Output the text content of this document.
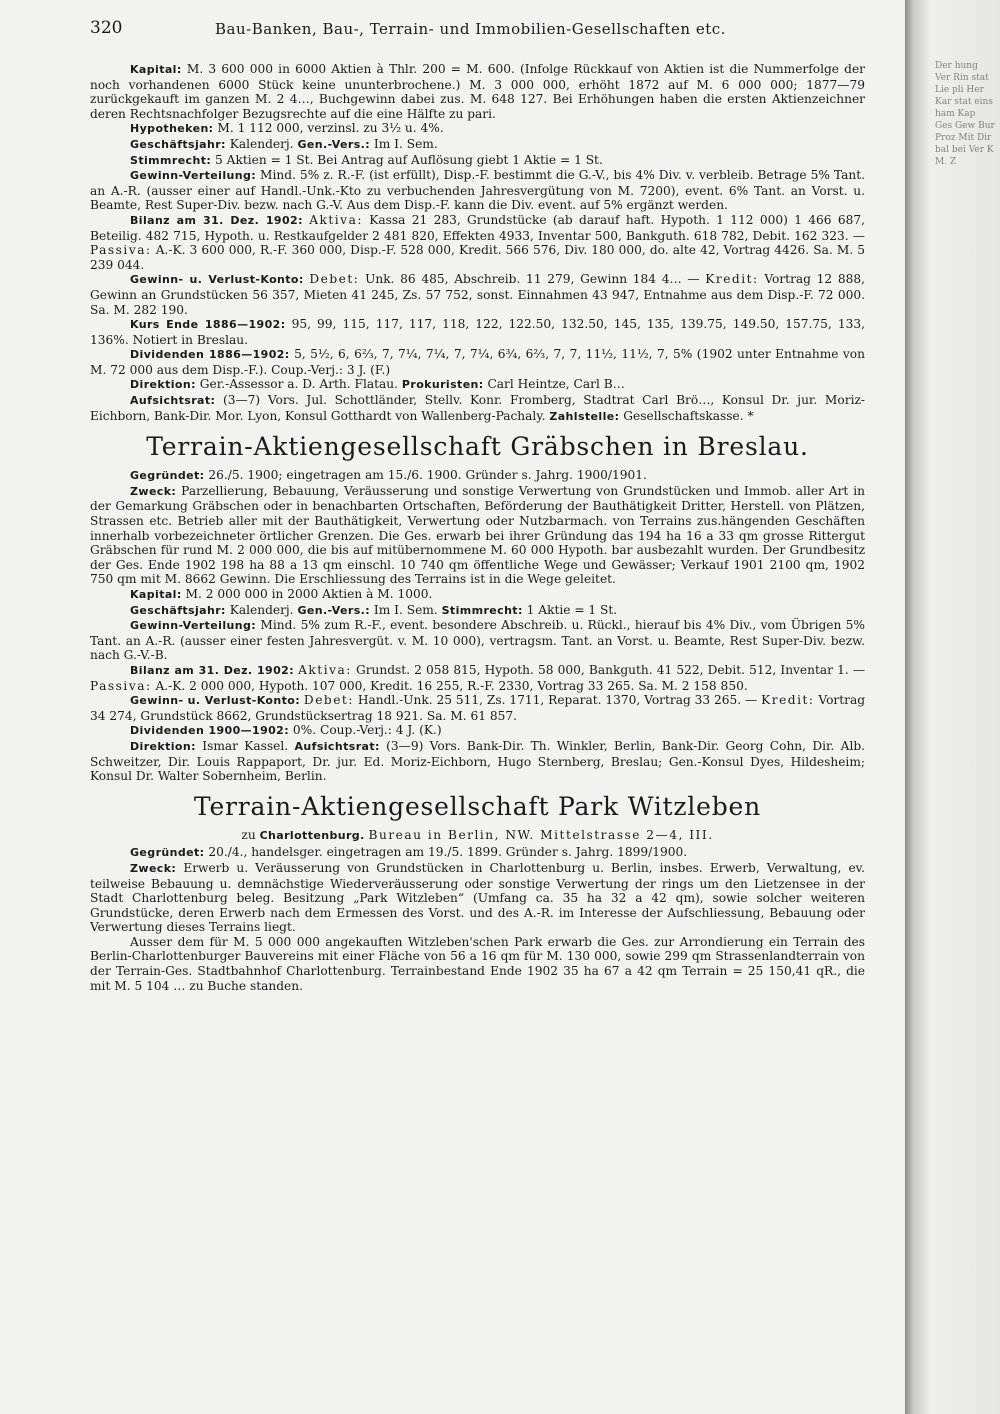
320	Bau-Banken, Bau-, Terrain- und Immobilien-Gesellschaften etc.

Kapital: M. 3 600 000 in 6000 Aktien à Thlr. 200 = M. 600. (Infolge Rückkauf von Aktien ist die Nummerfolge der noch vorhandenen 6000 Stück keine ununterbrochene.) M. 3 000 000, erhöht 1872 auf M. 6 000 000; 1877—79 zurückgekauft im ganzen M. 2 4…, Buchgewinn dabei zus. M. 648 127. Bei Erhöhungen haben die ersten Aktienzeichner deren Rechtsnachfolger Bezugsrechte auf die eine Hälfte zu pari.

Hypotheken: M. 1 112 000, verzinsl. zu 3½ u. 4%.

Geschäftsjahr: Kalenderj. Gen.-Vers.: Im I. Sem.

Stimmrecht: 5 Aktien = 1 St. Bei Antrag auf Auflösung giebt 1 Aktie = 1 St.

Gewinn-Verteilung: Mind. 5% z. R.-F. (ist erfüllt), Disp.-F. bestimmt die G.-V., bis 4% Div. v. verbleib. Betrage 5% Tant. an A.-R. (ausser einer auf Handl.-Unk.-Kto zu verbuchenden Jahresvergütung von M. 7200), event. 6% Tant. an Vorst. u. Beamte, Rest Super-Div. bezw. nach G.-V. Aus dem Disp.-F. kann die Div. event. auf 5% ergänzt werden.

Bilanz am 31. Dez. 1902: Aktiva: Kassa 21 283, Grundstücke (ab darauf haft. Hypoth. 1 112 000) 1 466 687, Beteilig. 482 715, Hypoth. u. Restkaufgelder 2 481 820, Effekten 4933, Inventar 500, Bankguth. 618 782, Debit. 162 323. — Passiva: A.-K. 3 600 000, R.-F. 360 000, Disp.-F. 528 000, Kredit. 566 576, Div. 180 000, do. alte 42, Vortrag 4426. Sa. M. 5 239 044.

Gewinn- u. Verlust-Konto: Debet: Unk. 86 485, Abschreib. 11 279, Gewinn 184 4… — Kredit: Vortrag 12 888, Gewinn an Grundstücken 56 357, Mieten 41 245, Zs. 57 752, sonst. Einnahmen 43 947, Entnahme aus dem Disp.-F. 72 000. Sa. M. 282 190.

Kurs Ende 1886—1902: 95, 99, 115, 117, 117, 118, 122, 122.50, 132.50, 145, 135, 139.75, 149.50, 157.75, 133, 136%. Notiert in Breslau.

Dividenden 1886—1902: 5, 5½, 6, 6⅔, 7, 7¼, 7¼, 7, 7¼, 6¾, 6⅔, 7, 7, 11½, 11½, 7, 5% (1902 unter Entnahme von M. 72 000 aus dem Disp.-F.). Coup.-Verj.: 3 J. (F.)

Direktion: Ger.-Assessor a. D. Arth. Flatau. Prokuristen: Carl Heintze, Carl B…

Aufsichtsrat: (3—7) Vors. Jul. Schottländer, Stellv. Konr. Fromberg, Stadtrat Carl Brö…, Konsul Dr. jur. Moriz-Eichborn, Bank-Dir. Mor. Lyon, Konsul Gotthardt von Wallenberg-Pachaly. Zahlstelle: Gesellschaftskasse. *

Terrain-Aktiengesellschaft Gräbschen in Breslau.

Gegründet: 26./5. 1900; eingetragen am 15./6. 1900. Gründer s. Jahrg. 1900/1901.

Zweck: Parzellierung, Bebauung, Veräusserung und sonstige Verwertung von Grundstücken und Immob. aller Art in der Gemarkung Gräbschen oder in benachbarten Ortschaften, Beförderung der Bauthätigkeit Dritter, Herstell. von Plätzen, Strassen etc. Betrieb aller mit der Bauthätigkeit, Verwertung oder Nutzbarmach. von Terrains zus.hängenden Geschäften innerhalb vorbezeichneter örtlicher Grenzen. Die Ges. erwarb bei ihrer Gründung das 194 ha 16 a 33 qm grosse Rittergut Gräbschen für rund M. 2 000 000, die bis auf mitübernommene M. 60 000 Hypoth. bar ausbezahlt wurden. Der Grundbesitz der Ges. Ende 1902 198 ha 88 a 13 qm einschl. 10 740 qm öffentliche Wege und Gewässer; Verkauf 1901 2100 qm, 1902 750 qm mit M. 8662 Gewinn. Die Erschliessung des Terrains ist in die Wege geleitet.

Kapital: M. 2 000 000 in 2000 Aktien à M. 1000.

Geschäftsjahr: Kalenderj. Gen.-Vers.: Im I. Sem. Stimmrecht: 1 Aktie = 1 St.

Gewinn-Verteilung: Mind. 5% zum R.-F., event. besondere Abschreib. u. Rückl., hierauf bis 4% Div., vom Übrigen 5% Tant. an A.-R. (ausser einer festen Jahresvergüt. v. M. 10 000), vertragsm. Tant. an Vorst. u. Beamte, Rest Super-Div. bezw. nach G.-V.-B.

Bilanz am 31. Dez. 1902: Aktiva: Grundst. 2 058 815, Hypoth. 58 000, Bankguth. 41 522, Debit. 512, Inventar 1. — Passiva: A.-K. 2 000 000, Hypoth. 107 000, Kredit. 16 255, R.-F. 2330, Vortrag 33 265. Sa. M. 2 158 850.

Gewinn- u. Verlust-Konto: Debet: Handl.-Unk. 25 511, Zs. 1711, Reparat. 1370, Vortrag 33 265. — Kredit: Vortrag 34 274, Grundstück 8662, Grundstücksertrag 18 921. Sa. M. 61 857.

Dividenden 1900—1902: 0%. Coup.-Verj.: 4 J. (K.)

Direktion: Ismar Kassel. Aufsichtsrat: (3—9) Vors. Bank-Dir. Th. Winkler, Berlin, Bank-Dir. Georg Cohn, Dir. Alb. Schweitzer, Dir. Louis Rappaport, Dr. jur. Ed. Moriz-Eichborn, Hugo Sternberg, Breslau; Gen.-Konsul Dyes, Hildesheim; Konsul Dr. Walter Sobernheim, Berlin.

Terrain-Aktiengesellschaft Park Witzleben

zu Charlottenburg. Bureau in Berlin, NW. Mittelstrasse 2—4, III.

Gegründet: 20./4., handelsger. eingetragen am 19./5. 1899. Gründer s. Jahrg. 1899/1900.

Zweck: Erwerb u. Veräusserung von Grundstücken in Charlottenburg u. Berlin, insbes. Erwerb, Verwaltung, ev. teilweise Bebauung u. demnächstige Wiederveräusserung oder sonstige Verwertung der rings um den Lietzensee in der Stadt Charlottenburg beleg. Besitzung „Park Witzleben“ (Umfang ca. 35 ha 32 a 42 qm), sowie solcher weiteren Grundstücke, deren Erwerb nach dem Ermessen des Vorst. und des A.-R. im Interesse der Aufschliessung, Bebauung oder Verwertung dieses Terrains liegt.

Ausser dem für M. 5 000 000 angekauften Witzleben'schen Park erwarb die Ges. zur Arrondierung ein Terrain des Berlin-Charlottenburger Bauvereins mit einer Fläche von 56 a 16 qm für M. 130 000, sowie 299 qm Strassenlandterrain von der Terrain-Ges. Stadtbahnhof Charlottenburg. Terrainbestand Ende 1902 35 ha 67 a 42 qm Terrain = 25 150,41 qR., die mit M. 5 104 … zu Buche standen.

Der hung Ver Rin stat Lie pli Her Kar stat eins ham Kap Ges Gew Bur Proz Mit Dir bal bei Ver K M. Z
